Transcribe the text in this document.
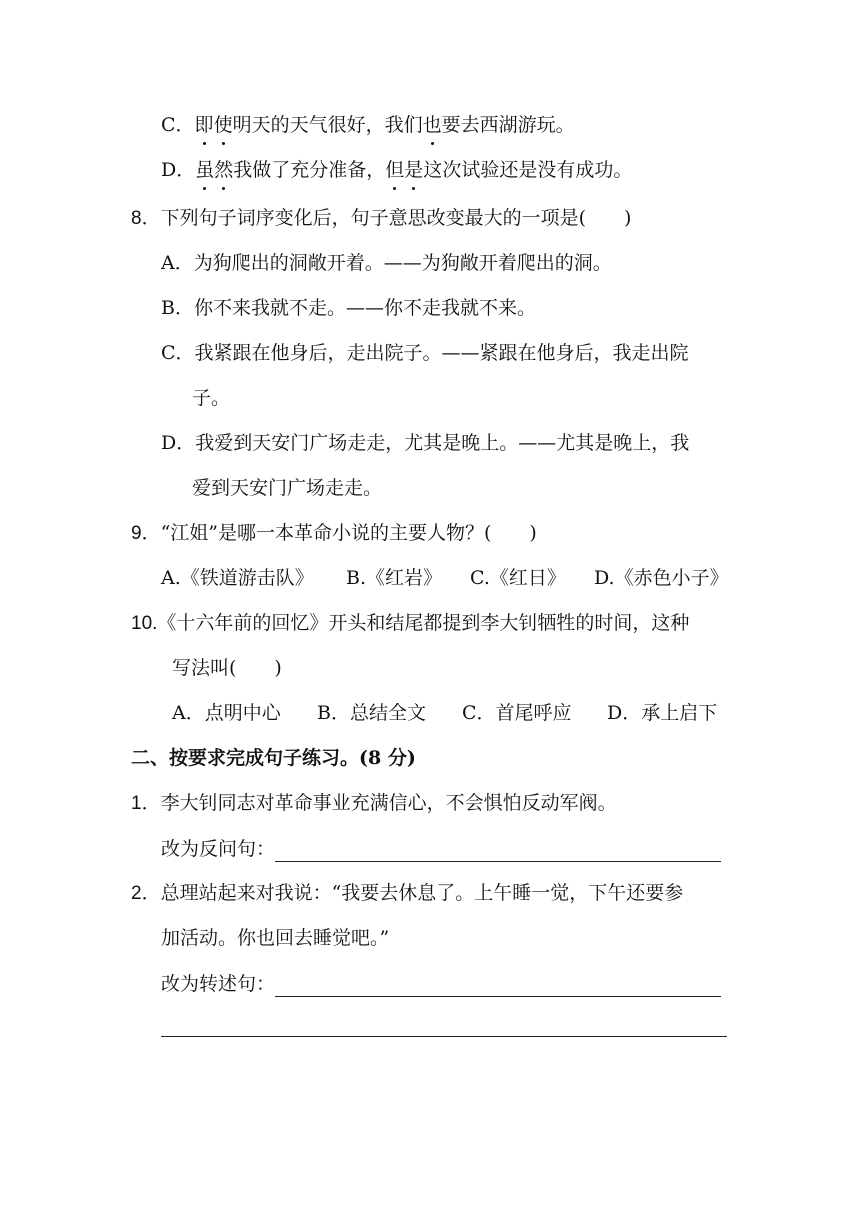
C．即使明天的天气很好，我们也要去西湖游玩。
D．虽然我做了充分准备，但是这次试验还是没有成功。
8．下列句子词序变化后，句子意思改变最大的一项是(　　)
A．为狗爬出的洞敞开着。——为狗敞开着爬出的洞。
B．你不来我就不走。——你不走我就不来。
C．我紧跟在他身后，走出院子。——紧跟在他身后，我走出院
子。
D．我爱到天安门广场走走，尤其是晚上。——尤其是晚上，我
爱到天安门广场走走。
9．“江姐”是哪一本革命小说的主要人物？(　　)
A.《铁道游击队》 B.《红岩》 C.《红日》 D.《赤色小子》
10.《十六年前的回忆》开头和结尾都提到李大钊牺牲的时间，这种
写法叫(　　)
A．点明中心 B．总结全文 C．首尾呼应 D．承上启下
二、按要求完成句子练习。(8 分)
1．李大钊同志对革命事业充满信心，不会惧怕反动军阀。
改为反问句：
2．总理站起来对我说：“我要去休息了。上午睡一觉，下午还要参
加活动。你也回去睡觉吧。”
改为转述句：
